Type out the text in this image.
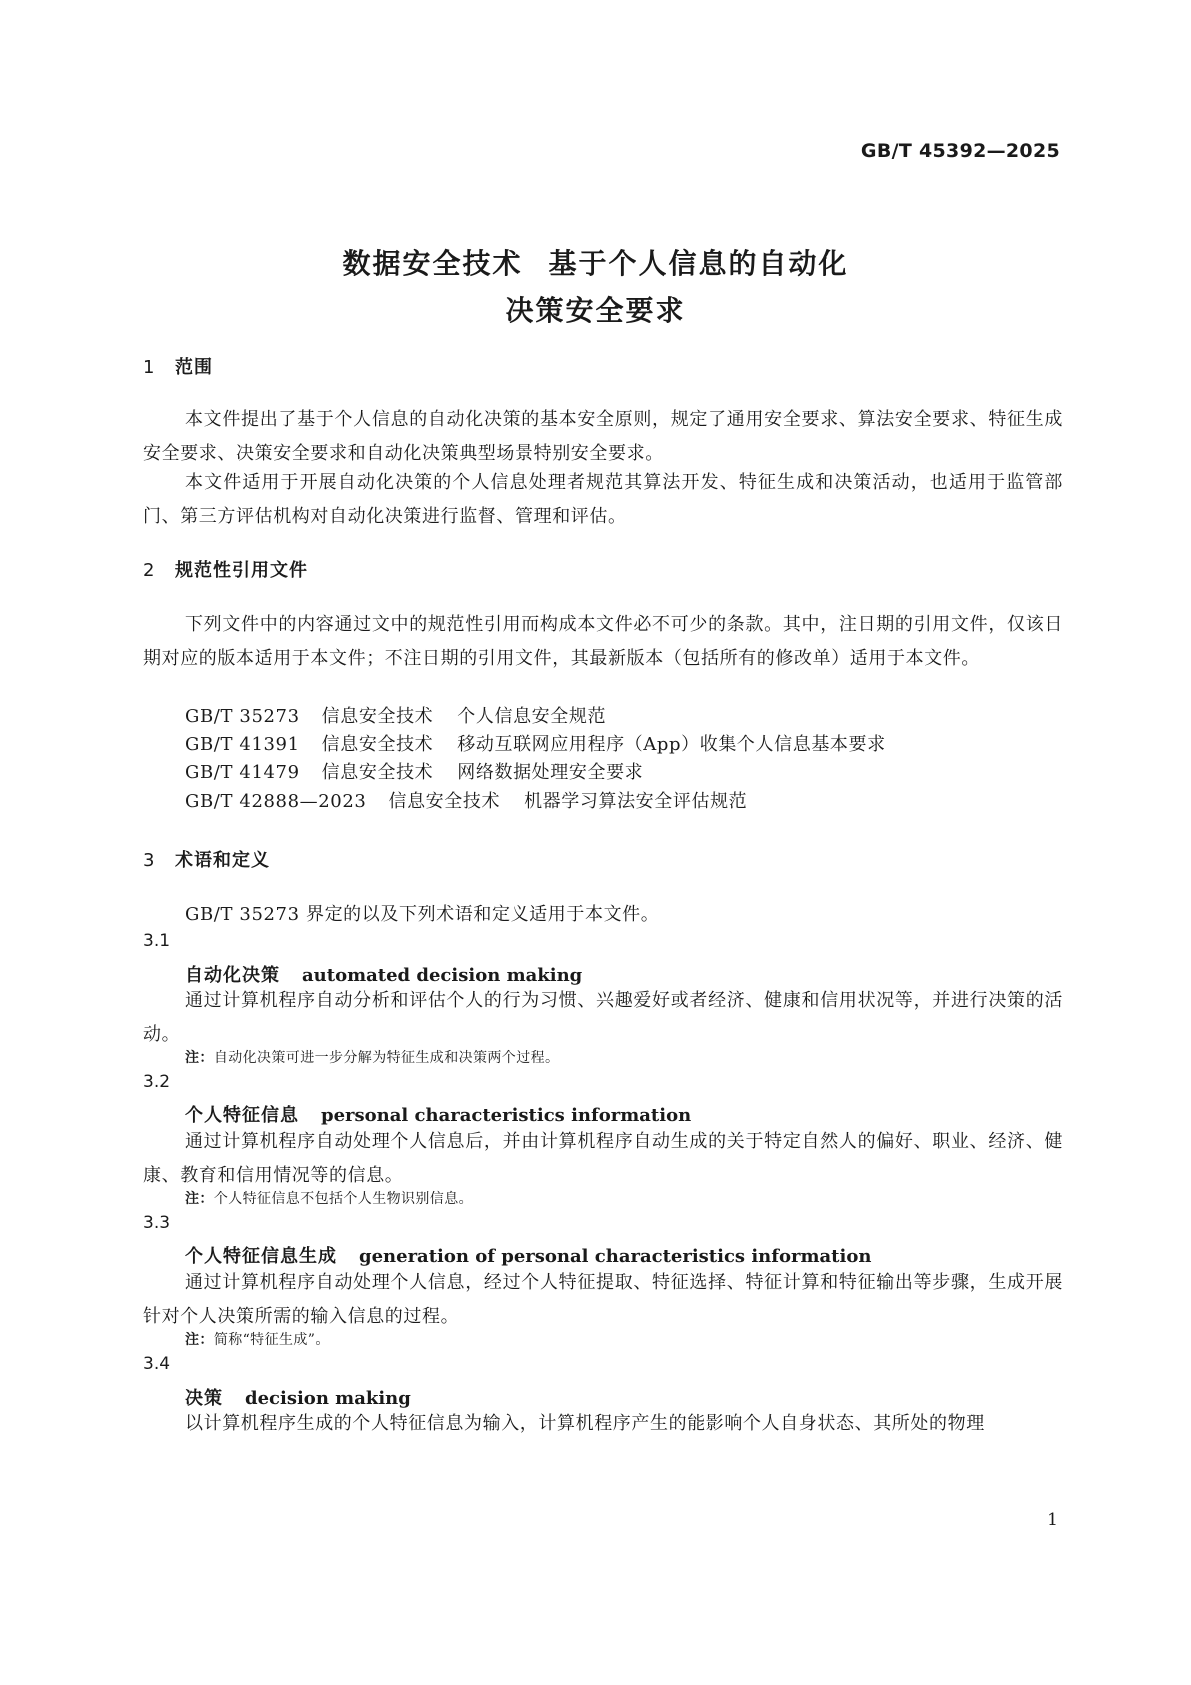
GB/T 45392—2025
数据安全技术 基于个人信息的自动化
决策安全要求
1 范围
本文件提出了基于个人信息的自动化决策的基本安全原则，规定了通用安全要求、算法安全要求、特征生成安全要求、决策安全要求和自动化决策典型场景特别安全要求。
本文件适用于开展自动化决策的个人信息处理者规范其算法开发、特征生成和决策活动，也适用于监管部门、第三方评估机构对自动化决策进行监督、管理和评估。
2 规范性引用文件
下列文件中的内容通过文中的规范性引用而构成本文件必不可少的条款。其中，注日期的引用文件，仅该日期对应的版本适用于本文件；不注日期的引用文件，其最新版本（包括所有的修改单）适用于本文件。
GB/T 35273 信息安全技术 个人信息安全规范
GB/T 41391 信息安全技术 移动互联网应用程序（App）收集个人信息基本要求
GB/T 41479 信息安全技术 网络数据处理安全要求
GB/T 42888—2023 信息安全技术 机器学习算法安全评估规范
3 术语和定义
GB/T 35273 界定的以及下列术语和定义适用于本文件。
3.1
自动化决策 automated decision making
通过计算机程序自动分析和评估个人的行为习惯、兴趣爱好或者经济、健康和信用状况等，并进行决策的活动。
注：自动化决策可进一步分解为特征生成和决策两个过程。
3.2
个人特征信息 personal characteristics information
通过计算机程序自动处理个人信息后，并由计算机程序自动生成的关于特定自然人的偏好、职业、经济、健康、教育和信用情况等的信息。
注：个人特征信息不包括个人生物识别信息。
3.3
个人特征信息生成 generation of personal characteristics information
通过计算机程序自动处理个人信息，经过个人特征提取、特征选择、特征计算和特征输出等步骤，生成开展针对个人决策所需的输入信息的过程。
注：简称“特征生成”。
3.4
决策 decision making
以计算机程序生成的个人特征信息为输入，计算机程序产生的能影响个人自身状态、其所处的物理
1
